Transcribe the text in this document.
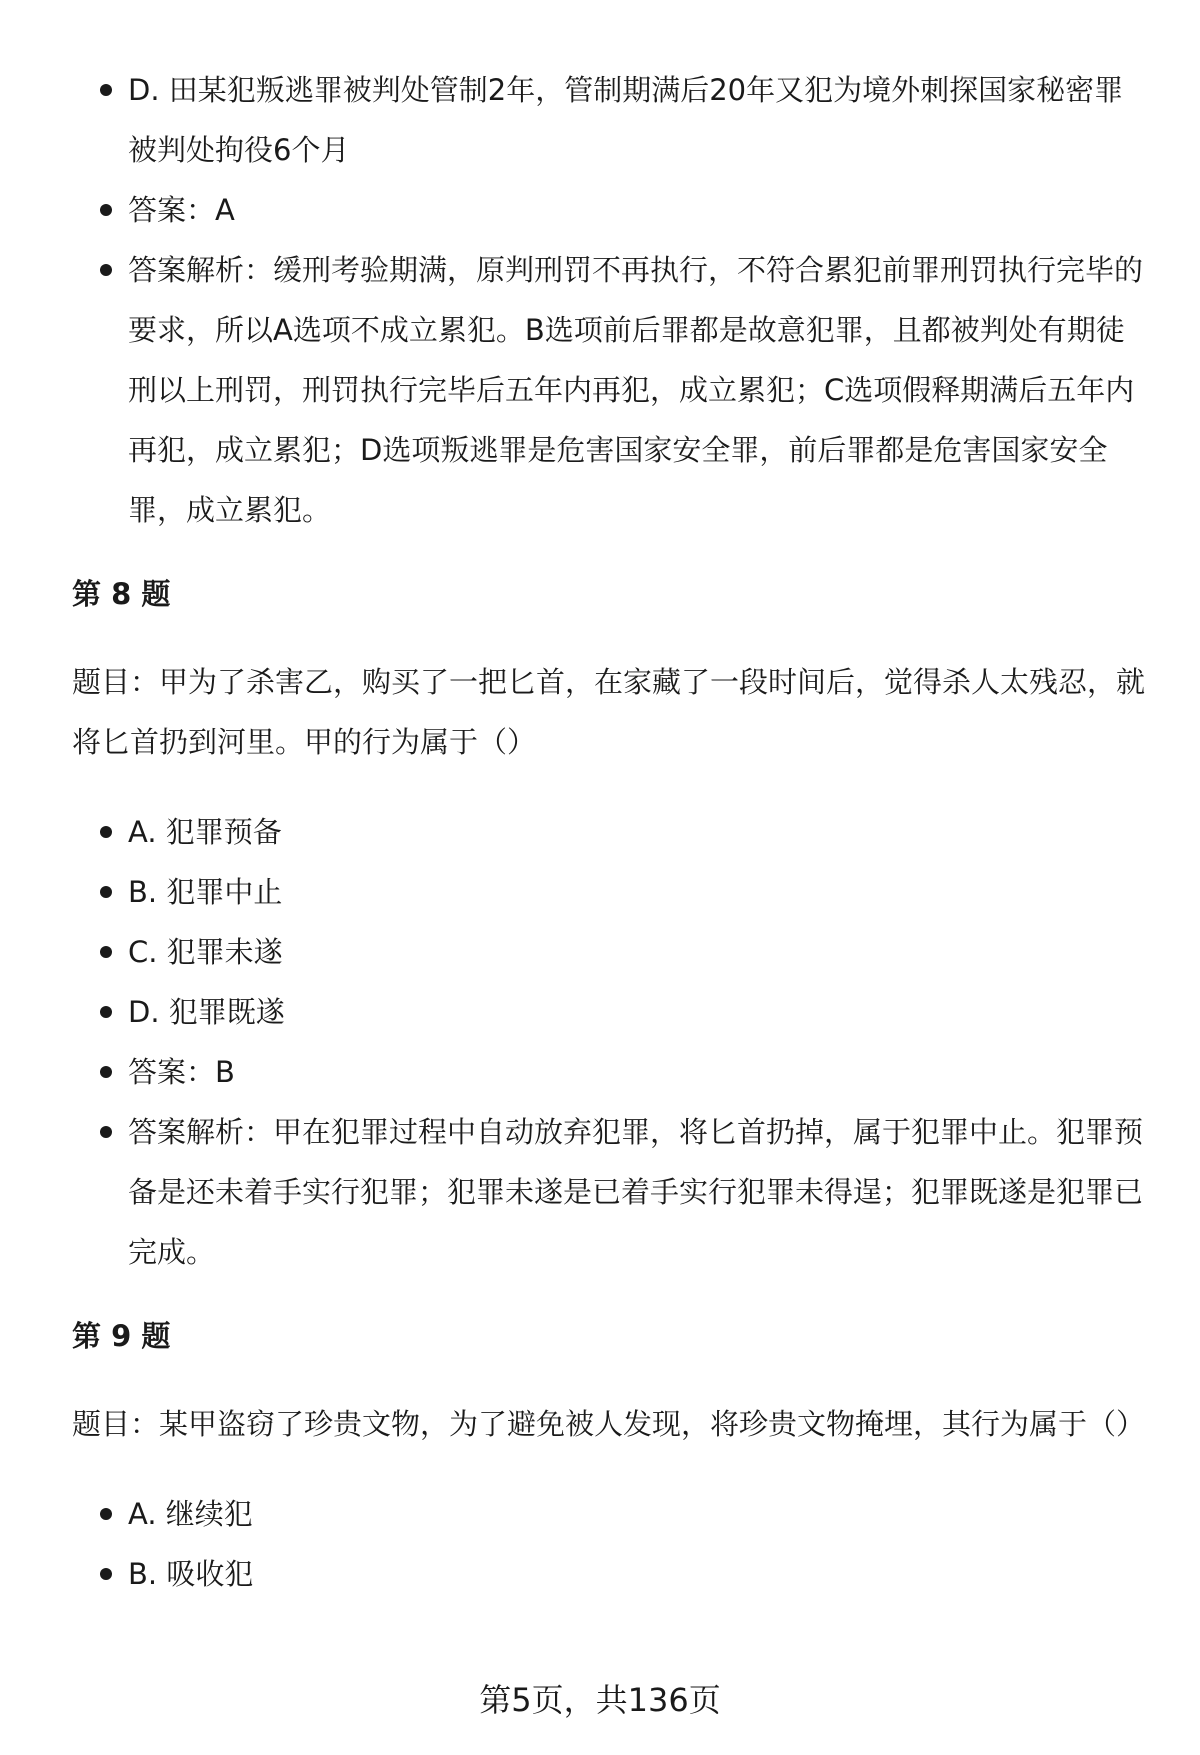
D. 田某犯叛逃罪被判处管制2年，管制期满后20年又犯为境外刺探国家秘密罪被判处拘役6个月
答案：A
答案解析：缓刑考验期满，原判刑罚不再执行，不符合累犯前罪刑罚执行完毕的要求，所以A选项不成立累犯。B选项前后罪都是故意犯罪，且都被判处有期徒刑以上刑罚，刑罚执行完毕后五年内再犯，成立累犯；C选项假释期满后五年内再犯，成立累犯；D选项叛逃罪是危害国家安全罪，前后罪都是危害国家安全罪，成立累犯。
第 8 题
题目：甲为了杀害乙，购买了一把匕首，在家藏了一段时间后，觉得杀人太残忍，就将匕首扔到河里。甲的行为属于（）
A. 犯罪预备
B. 犯罪中止
C. 犯罪未遂
D. 犯罪既遂
答案：B
答案解析：甲在犯罪过程中自动放弃犯罪，将匕首扔掉，属于犯罪中止。犯罪预备是还未着手实行犯罪；犯罪未遂是已着手实行犯罪未得逞；犯罪既遂是犯罪已完成。
第 9 题
题目：某甲盗窃了珍贵文物，为了避免被人发现，将珍贵文物掩埋，其行为属于（）
A. 继续犯
B. 吸收犯
第5页，共136页
